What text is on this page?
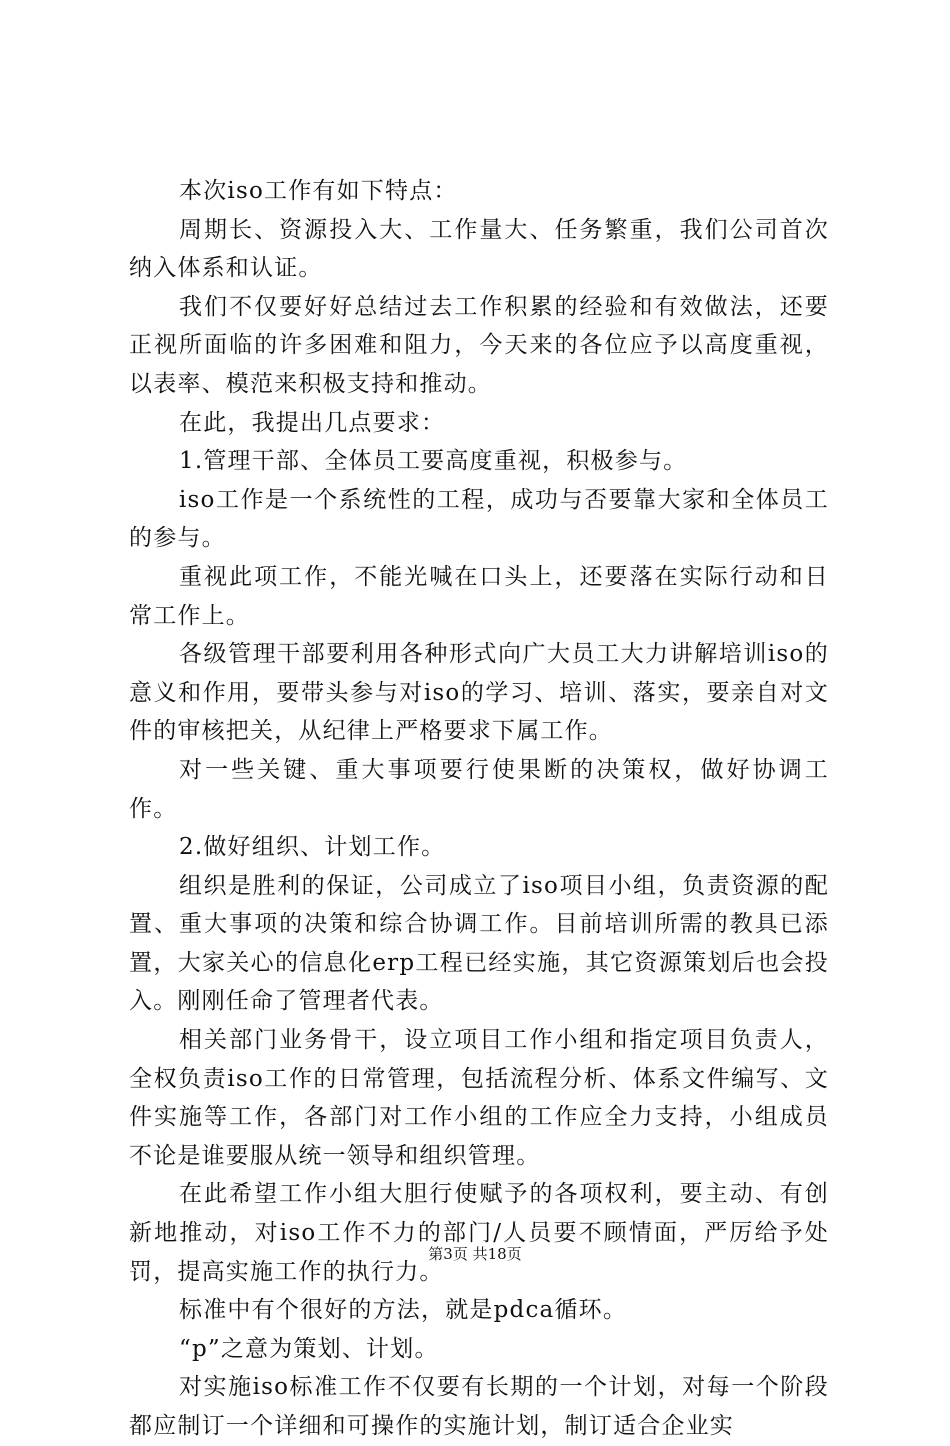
本次iso工作有如下特点：

周期长、资源投入大、工作量大、任务繁重，我们公司首次纳入体系和认证。

我们不仅要好好总结过去工作积累的经验和有效做法，还要正视所面临的许多困难和阻力，今天来的各位应予以高度重视，以表率、模范来积极支持和推动。

在此，我提出几点要求：

1.管理干部、全体员工要高度重视，积极参与。

iso工作是一个系统性的工程，成功与否要靠大家和全体员工的参与。

重视此项工作，不能光喊在口头上，还要落在实际行动和日常工作上。

各级管理干部要利用各种形式向广大员工大力讲解培训iso的意义和作用，要带头参与对iso的学习、培训、落实，要亲自对文件的审核把关，从纪律上严格要求下属工作。

对一些关键、重大事项要行使果断的决策权，做好协调工作。

2.做好组织、计划工作。

组织是胜利的保证，公司成立了iso项目小组，负责资源的配置、重大事项的决策和综合协调工作。目前培训所需的教具已添置，大家关心的信息化erp工程已经实施，其它资源策划后也会投入。刚刚任命了管理者代表。

相关部门业务骨干，设立项目工作小组和指定项目负责人，全权负责iso工作的日常管理，包括流程分析、体系文件编写、文件实施等工作，各部门对工作小组的工作应全力支持，小组成员不论是谁要服从统一领导和组织管理。

在此希望工作小组大胆行使赋予的各项权利，要主动、有创新地推动，对iso工作不力的部门/人员要不顾情面，严厉给予处罚，提高实施工作的执行力。

标准中有个很好的方法，就是pdca循环。

“p”之意为策划、计划。

对实施iso标准工作不仅要有长期的一个计划，对每一个阶段都应制订一个详细和可操作的实施计划，制订适合企业实

第3页 共18页
